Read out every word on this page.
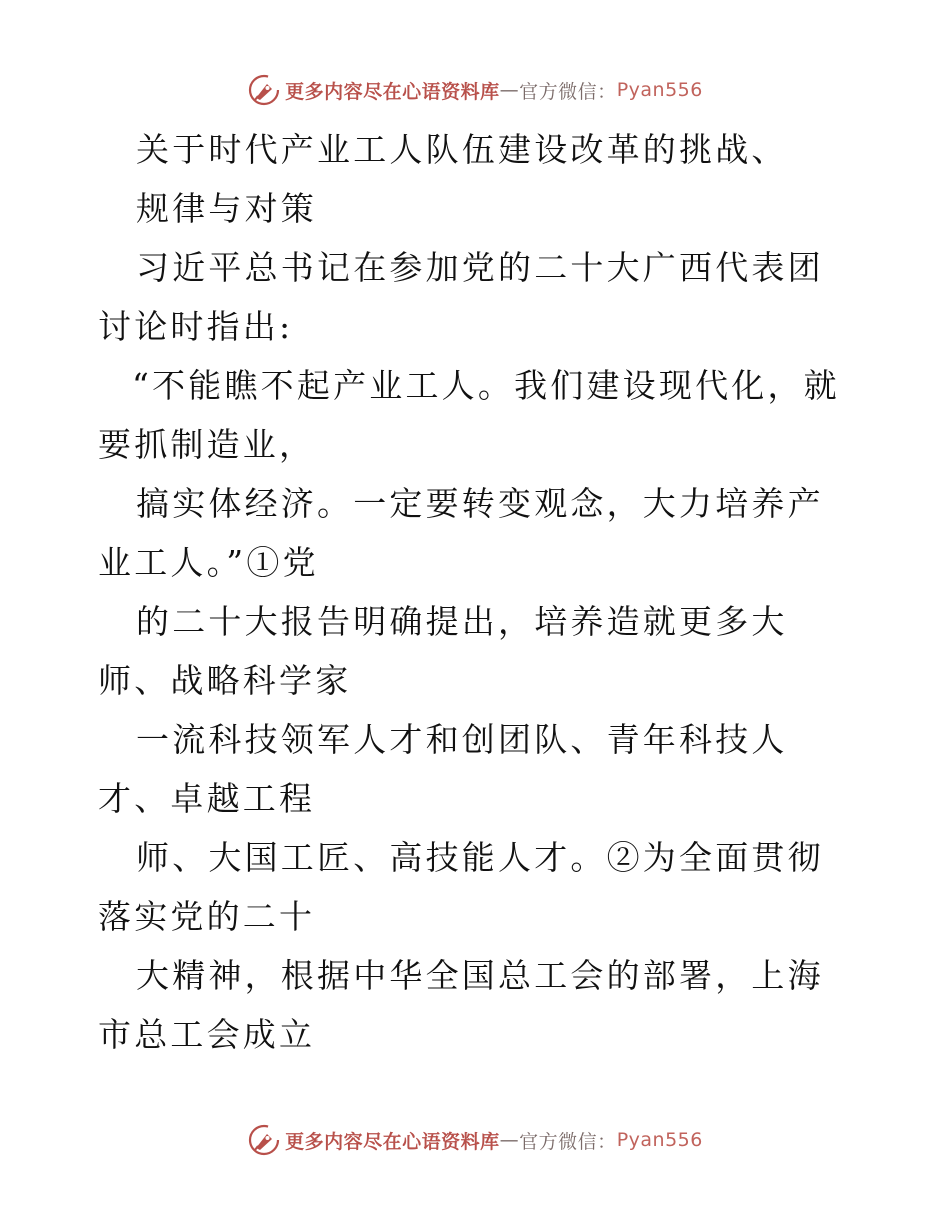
更多内容尽在心语资料库 — 官方微信： Pyan556

关于时代产业工人队伍建设改革的挑战、

规律与对策

习近平总书记在参加党的二十大广西代表团讨论时指出:

“不能瞧不起产业工人。我们建设现代化，就要抓制造业，

搞实体经济。一定要转变观念，大力培养产业工人。”①党

的二十大报告明确提出，培养造就更多大师、战略科学家

一流科技领军人才和创团队、青年科技人才、卓越工程

师、大国工匠、高技能人才。②为全面贯彻落实党的二十

大精神，根据中华全国总工会的部署，上海市总工会成立

更多内容尽在心语资料库 — 官方微信： Pyan556
